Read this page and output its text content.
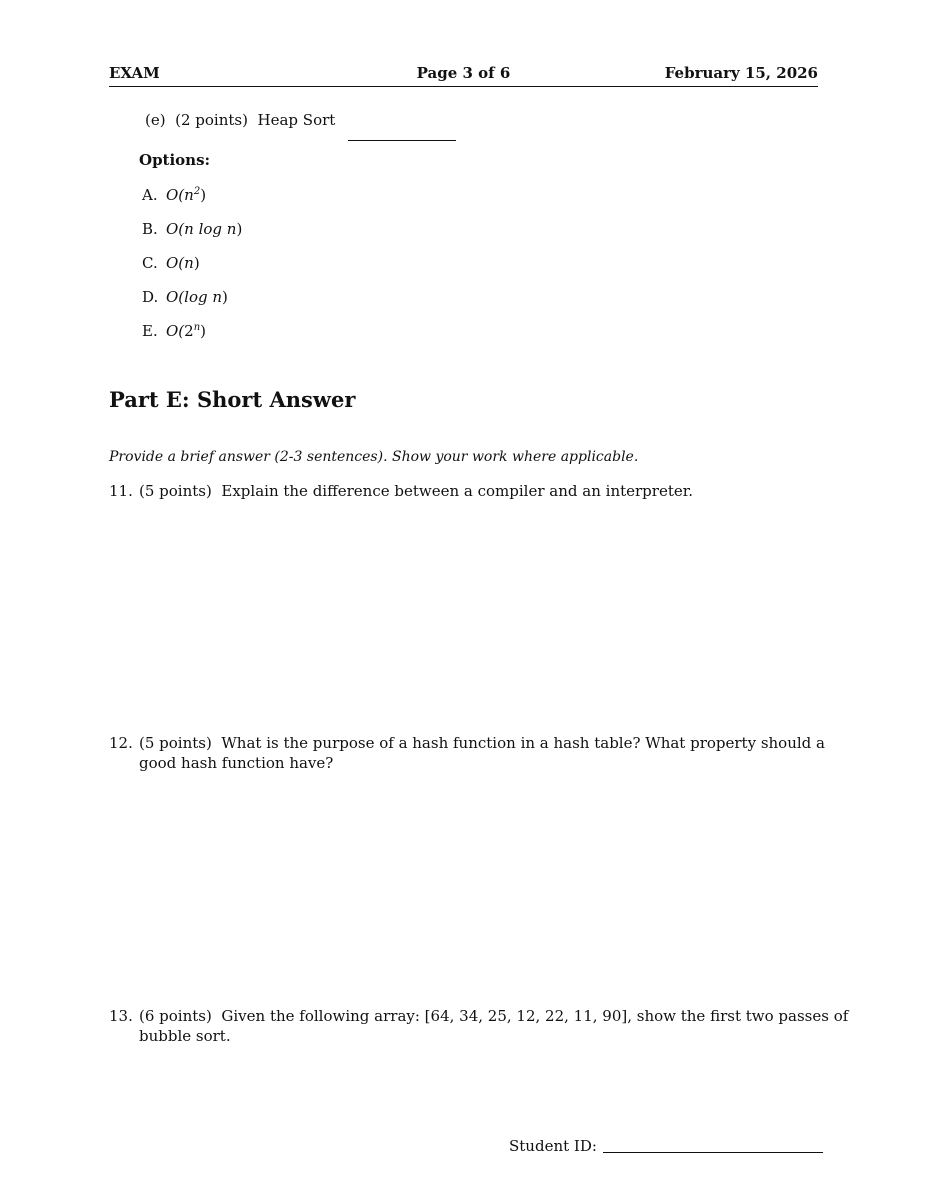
EXAM	Page 3 of 6	February 15, 2026
(e) (2 points) Heap Sort
Options:
A. $O(n^2)$
B. O(n log n)
C. O(n)
D. O(log n)
E. O(2$^n$)
Part E: Short Answer
Provide a brief answer (2-3 sentences). Show your work where applicable.
11. (5 points) Explain the difference between a compiler and an interpreter.
12. (5 points) What is the purpose of a hash function in a hash table? What property should a
good hash function have?
13. (6 points) Given the following array: [64, 34, 25, 12, 22, 11, 90], show the first two passes of
bubble sort.
Student ID:
